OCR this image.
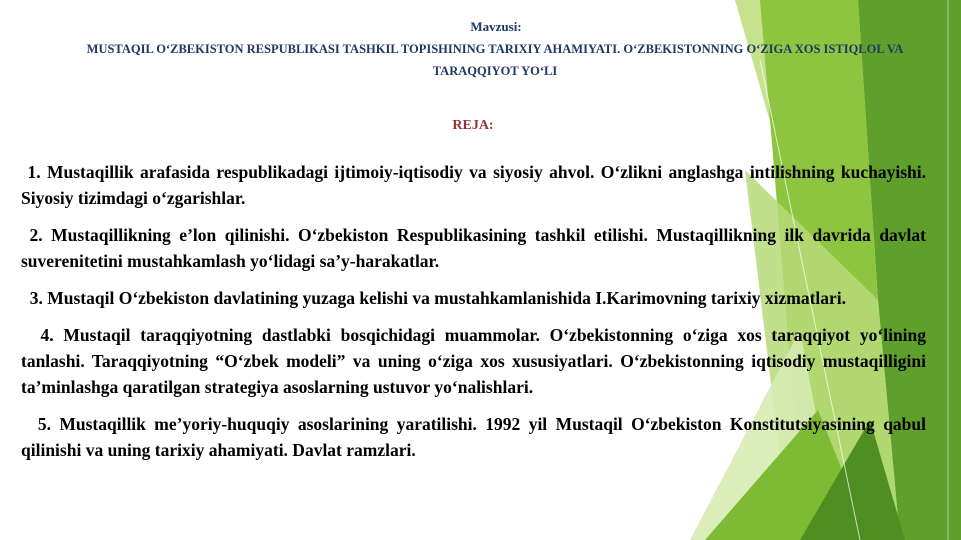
Mavzusi:

MUSTAQIL O‘ZBEKISTON RESPUBLIKASI TASHKIL TOPISHINING TARIXIY AHAMIYATI. O‘ZBEKISTONNING O‘ZIGA XOS ISTIQLOL VA TARAQQIYOT YO‘LI

REJA:
1. Mustaqillik arafasida respublikadagi ijtimoiy-iqtisodiy va siyosiy ahvol. O‘zlikni anglashga intilishning kuchayishi. Siyosiy tizimdagi o‘zgarishlar.
2. Mustaqillikning e’lon qilinishi. O‘zbekiston Respublikasining tashkil etilishi. Mustaqillikning ilk davrida davlat suverenitetini mustahkamlash yo‘lidagi sa’y-harakatlar.
3. Mustaqil O‘zbekiston davlatining yuzaga kelishi va mustahkamlanishida I.Karimovning tarixiy xizmatlari.
4. Mustaqil taraqqiyotning dastlabki bosqichidagi muammolar. O‘zbekistonning o‘ziga xos taraqqiyot yo‘lining tanlashi. Taraqqiyotning “O‘zbek modeli” va uning o‘ziga xos xususiyatlari. O‘zbekistonning iqtisodiy mustaqilligini ta’minlashga qaratilgan strategiya asoslarning ustuvor yo‘nalishlari.
5. Mustaqillik me’yoriy-huquqiy asoslarining yaratilishi. 1992 yil Mustaqil O‘zbekiston Konstitutsiyasining qabul qilinishi va uning tarixiy ahamiyati. Davlat ramzlari.
